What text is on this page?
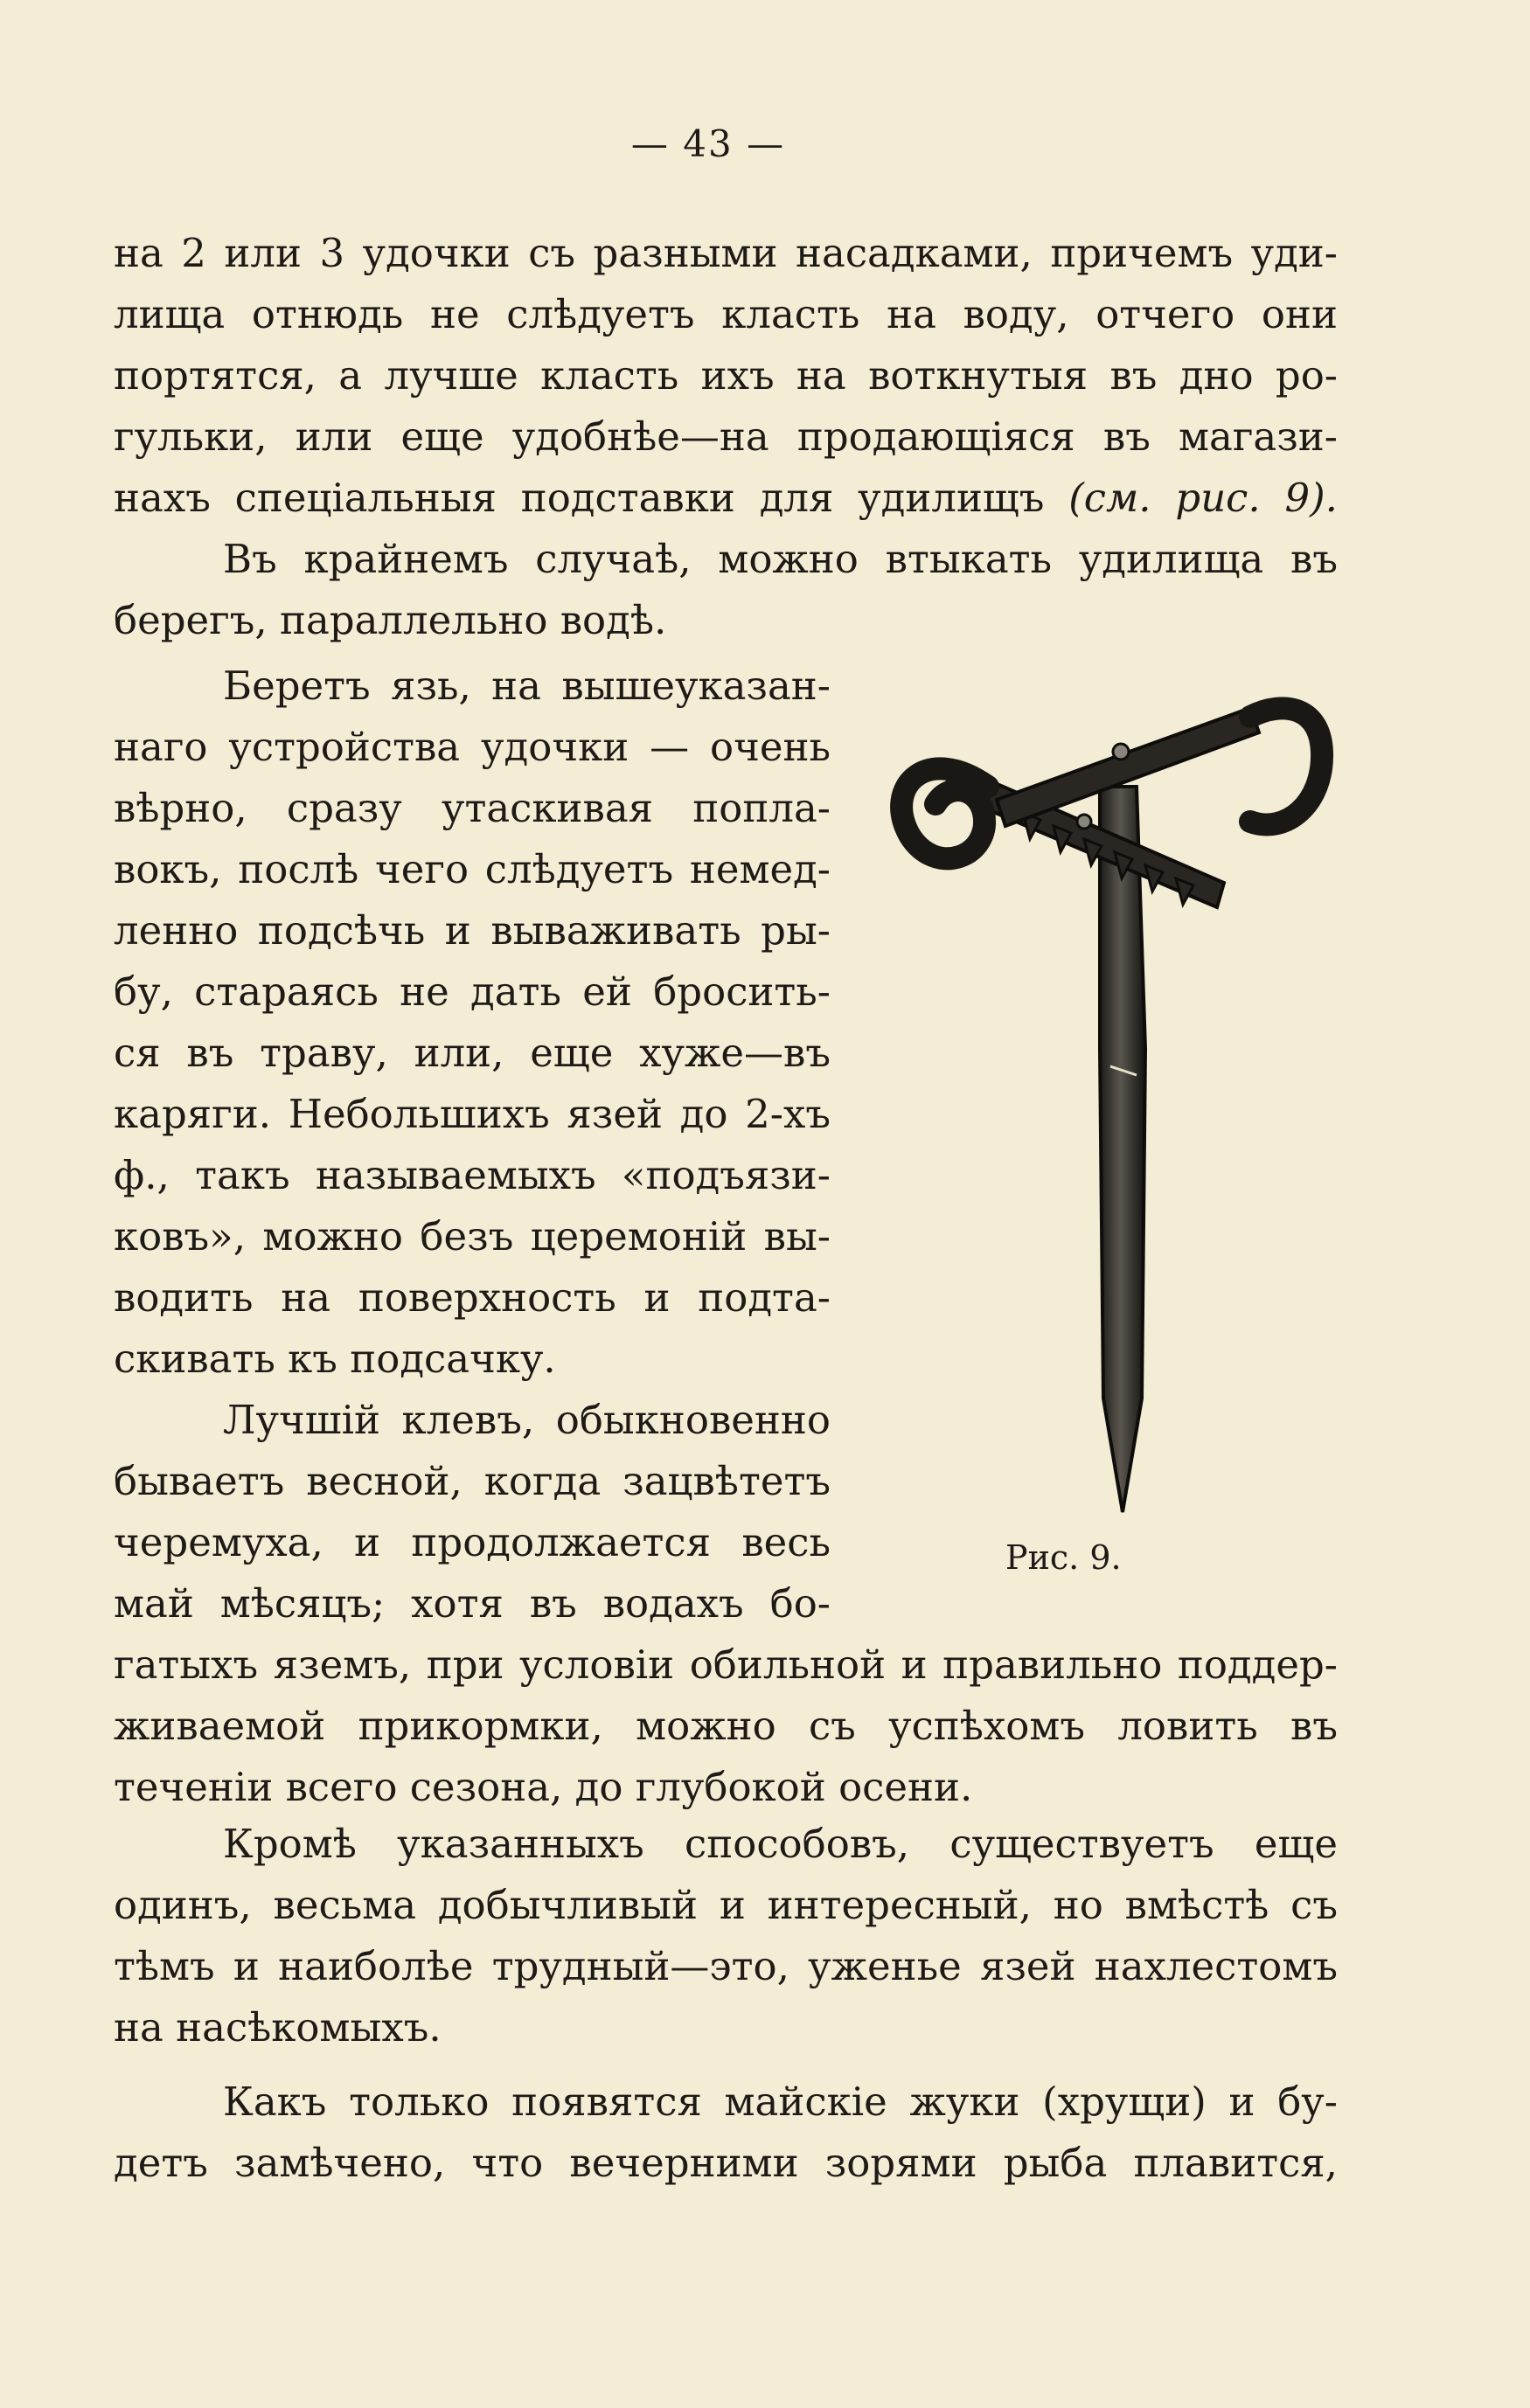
— 43 —
на 2 или 3 удочки съ разными насадками, причемъ уди-
лища отнюдь не слѣдуетъ класть на воду, отчего они
портятся, а лучше класть ихъ на воткнутыя въ дно ро-
гульки, или еще удобнѣе—на продающіяся въ магази-
нахъ спеціальныя подставки для удилищъ (см. рис. 9).
Въ крайнемъ случаѣ, можно втыкать удилища въ
берегъ, параллельно водѣ.
Беретъ язь, на вышеуказан-
наго устройства удочки — очень
вѣрно, сразу утаскивая попла-
вокъ, послѣ чего слѣдуетъ немед-
ленно подсѣчь и вываживать ры-
бу, стараясь не дать ей бросить-
ся въ траву, или, еще хуже—въ
каряги. Небольшихъ язей до 2-хъ
ф., такъ называемыхъ «подъязи-
ковъ», можно безъ церемоній вы-
водить на поверхность и подта-
скивать къ подсачку.
Лучшій клевъ, обыкновенно
бываетъ весной, когда зацвѣтетъ
черемуха, и продолжается весь
май мѣсяцъ; хотя въ водахъ бо-
гатыхъ яземъ, при условіи обильной и правильно поддер-
живаемой прикормки, можно съ успѣхомъ ловить въ
теченіи всего сезона, до глубокой осени.
Кромѣ указанныхъ способовъ, существуетъ еще
одинъ, весьма добычливый и интересный, но вмѣстѣ съ
тѣмъ и наиболѣе трудный—это, уженье язей нахлестомъ
на насѣкомыхъ.
Какъ только появятся майскіе жуки (хрущи) и бу-
детъ замѣчено, что вечерними зорями рыба плавится,
Рис. 9.
